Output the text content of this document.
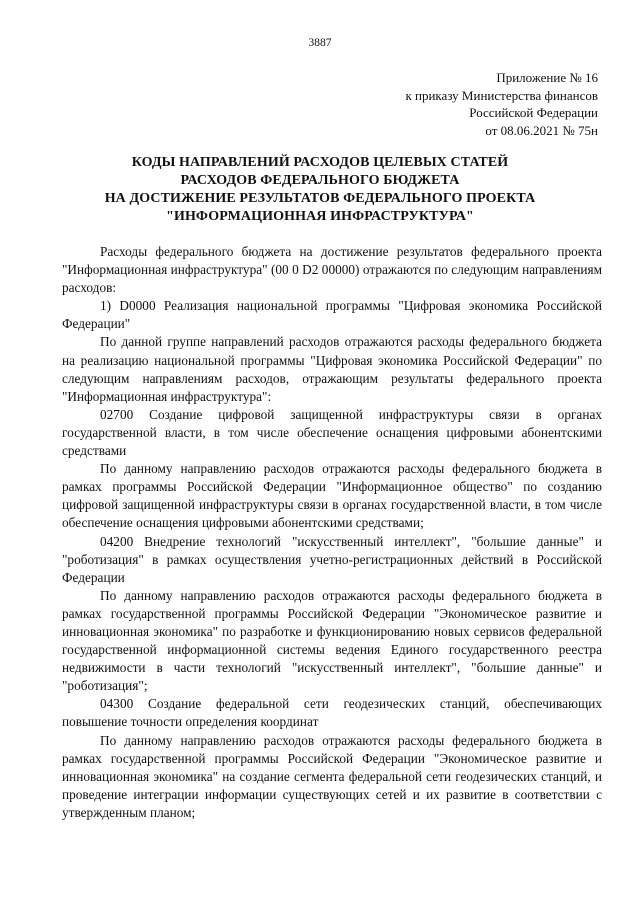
3887
Приложение № 16
к приказу Министерства финансов
Российской Федерации
от 08.06.2021 № 75н
КОДЫ НАПРАВЛЕНИЙ РАСХОДОВ ЦЕЛЕВЫХ СТАТЕЙ
РАСХОДОВ ФЕДЕРАЛЬНОГО БЮДЖЕТА
НА ДОСТИЖЕНИЕ РЕЗУЛЬТАТОВ ФЕДЕРАЛЬНОГО ПРОЕКТА
"ИНФОРМАЦИОННАЯ ИНФРАСТРУКТУРА"

Расходы федерального бюджета на достижение результатов федерального проекта "Информационная инфраструктура" (00 0 D2 00000) отражаются по следующим направлениям расходов:

1) D0000 Реализация национальной программы "Цифровая экономика Российской Федерации"

По данной группе направлений расходов отражаются расходы федерального бюджета на реализацию национальной программы "Цифровая экономика Российской Федерации" по следующим направлениям расходов, отражающим результаты федерального проекта "Информационная инфраструктура":

02700 Создание цифровой защищенной инфраструктуры связи в органах государственной власти, в том числе обеспечение оснащения цифровыми абонентскими средствами

По данному направлению расходов отражаются расходы федерального бюджета в рамках программы Российской Федерации "Информационное общество" по созданию цифровой защищенной инфраструктуры связи в органах государственной власти, в том числе обеспечение оснащения цифровыми абонентскими средствами;

04200 Внедрение технологий "искусственный интеллект", "большие данные" и "роботизация" в рамках осуществления учетно-регистрационных действий в Российской Федерации

По данному направлению расходов отражаются расходы федерального бюджета в рамках государственной программы Российской Федерации "Экономическое развитие и инновационная экономика" по разработке и функционированию новых сервисов федеральной государственной информационной системы ведения Единого государственного реестра недвижимости в части технологий "искусственный интеллект", "большие данные" и "роботизация";

04300 Создание федеральной сети геодезических станций, обеспечивающих повышение точности определения координат

По данному направлению расходов отражаются расходы федерального бюджета в рамках государственной программы Российской Федерации "Экономическое развитие и инновационная экономика" на создание сегмента федеральной сети геодезических станций, и проведение интеграции информации существующих сетей и их развитие в соответствии с утвержденным планом;
